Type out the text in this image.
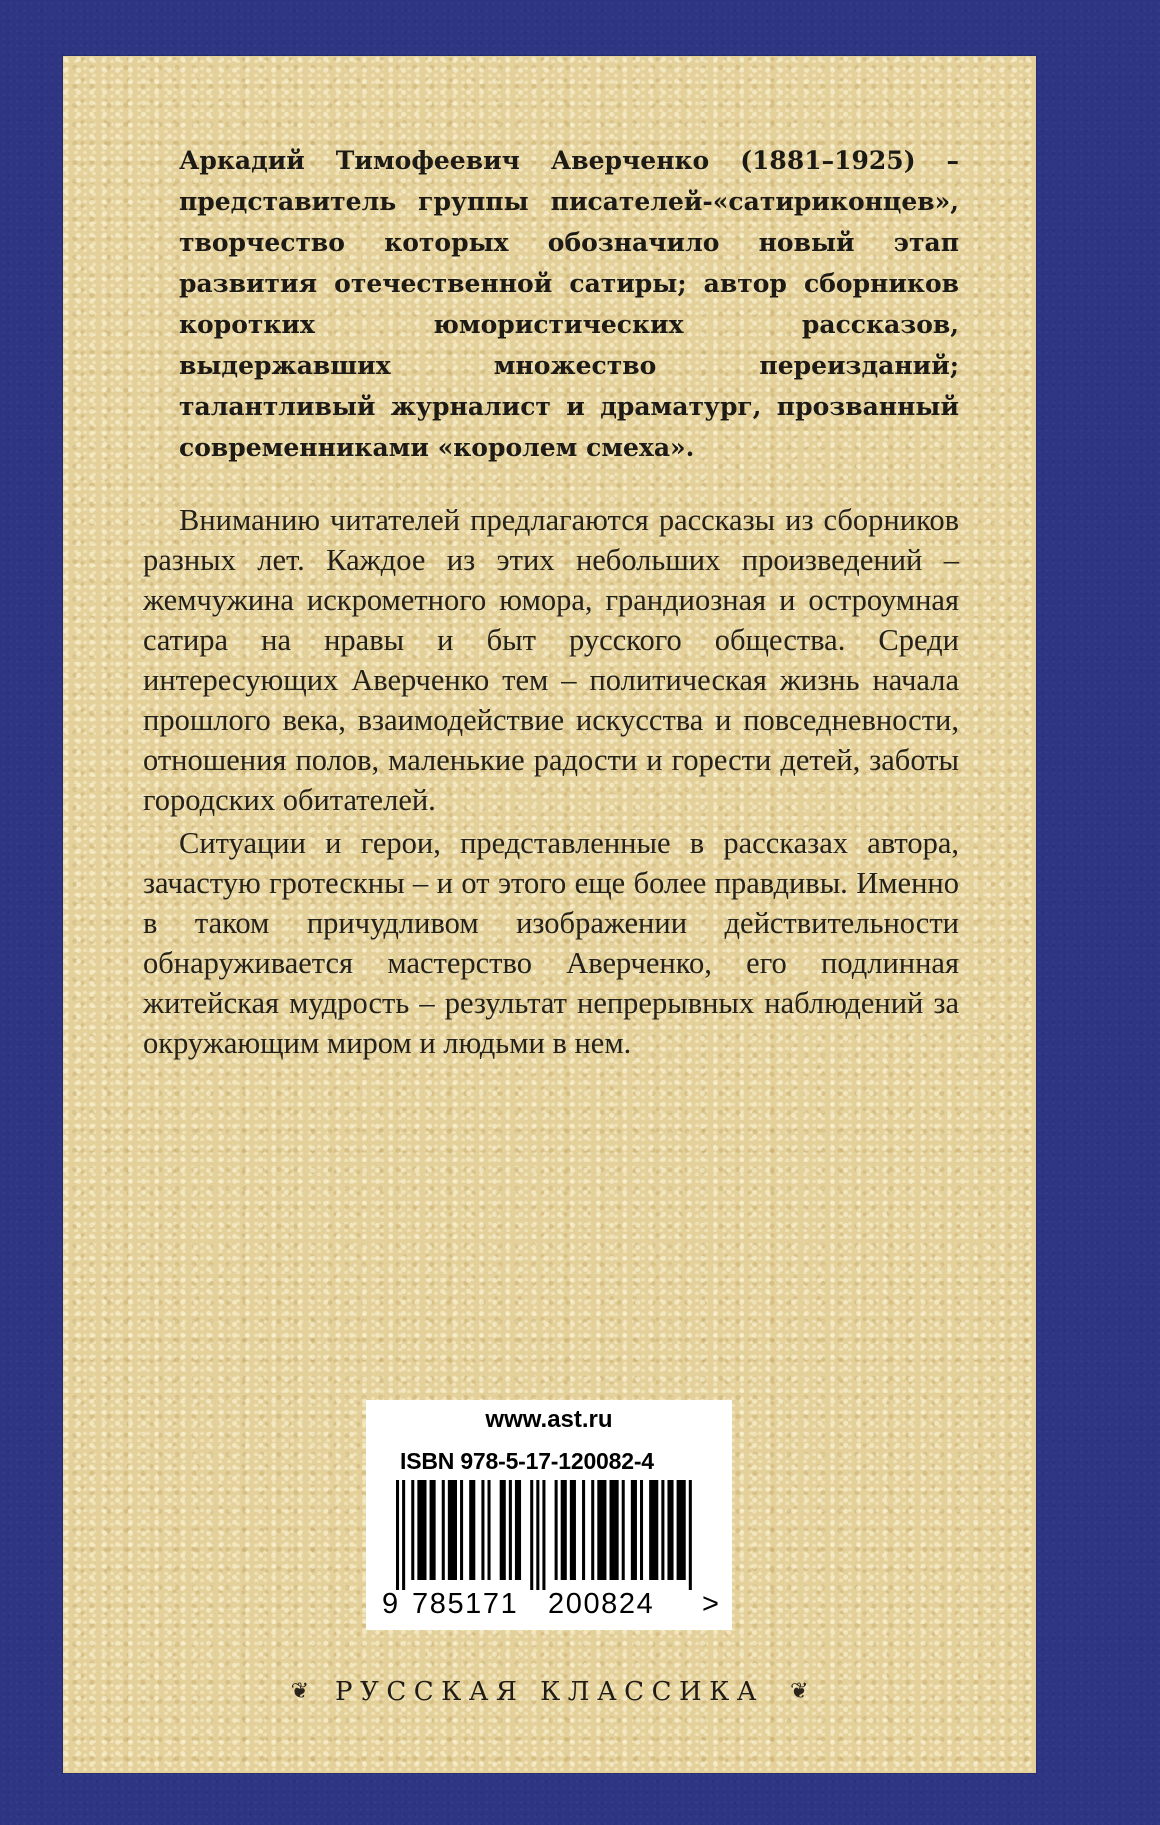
Аркадий Тимофеевич Аверченко (1881–1925) – представитель группы писателей-«сатириконцев», творчество которых обозначило новый этап развития отечественной сатиры; автор сборников коротких юмористических рассказов, выдержавших множество переизданий; талантливый журналист и драматург, прозванный современниками «королем смеха».

Вниманию читателей предлагаются рассказы из сборников разных лет. Каждое из этих небольших произведений – жемчужина искрометного юмора, грандиозная и остроумная сатира на нравы и быт русского общества. Среди интересующих Аверченко тем – политическая жизнь начала прошлого века, взаимодействие искусства и повседневности, отношения полов, маленькие радости и горести детей, заботы городских обитателей.

Ситуации и герои, представленные в рассказах автора, зачастую гротескны – и от этого еще более правдивы. Именно в таком причудливом изображении действительности обнаруживается мастерство Аверченко, его подлинная житейская мудрость – результат непрерывных наблюдений за окружающим миром и людьми в нем.

www.ast.ru
ISBN 978-5-17-120082-4
9 785171 200824 >
❦ РУССКАЯ КЛАССИКА ❦
